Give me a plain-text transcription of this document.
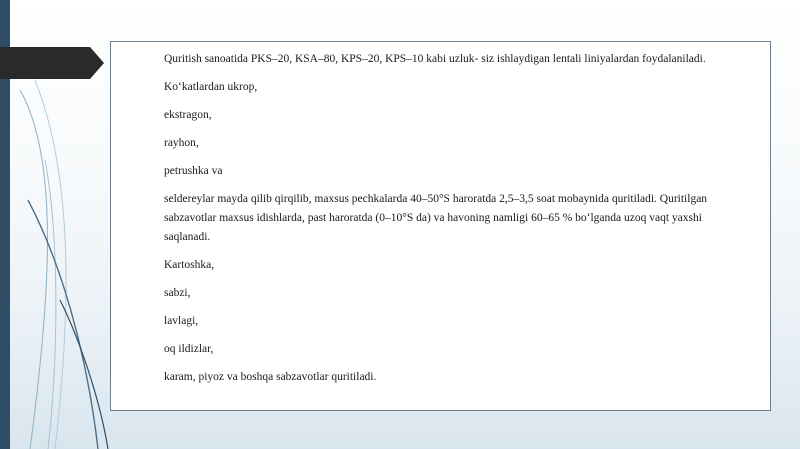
Quritish sanoatida PKS–20, KSA–80, KPS–20, KPS–10 kabi uzluk- siz ishlaydigan lentali liniyalardan foydalaniladi.

Ko‘katlardan ukrop,

ekstragon,

rayhon,

petrushka va

seldereylar mayda qilib qirqilib, maxsus pechkalarda 40–50°S haroratda 2,5–3,5 soat mobaynida quritiladi. Quritilgan sabzavotlar maxsus idishlarda, past haroratda (0–10°S da) va havoning namligi 60–65 % bo‘lganda uzoq vaqt yaxshi saqlanadi.

Kartoshka,

sabzi,

lavlagi,

oq ildizlar,

karam, piyoz va boshqa sabzavotlar quritiladi.
